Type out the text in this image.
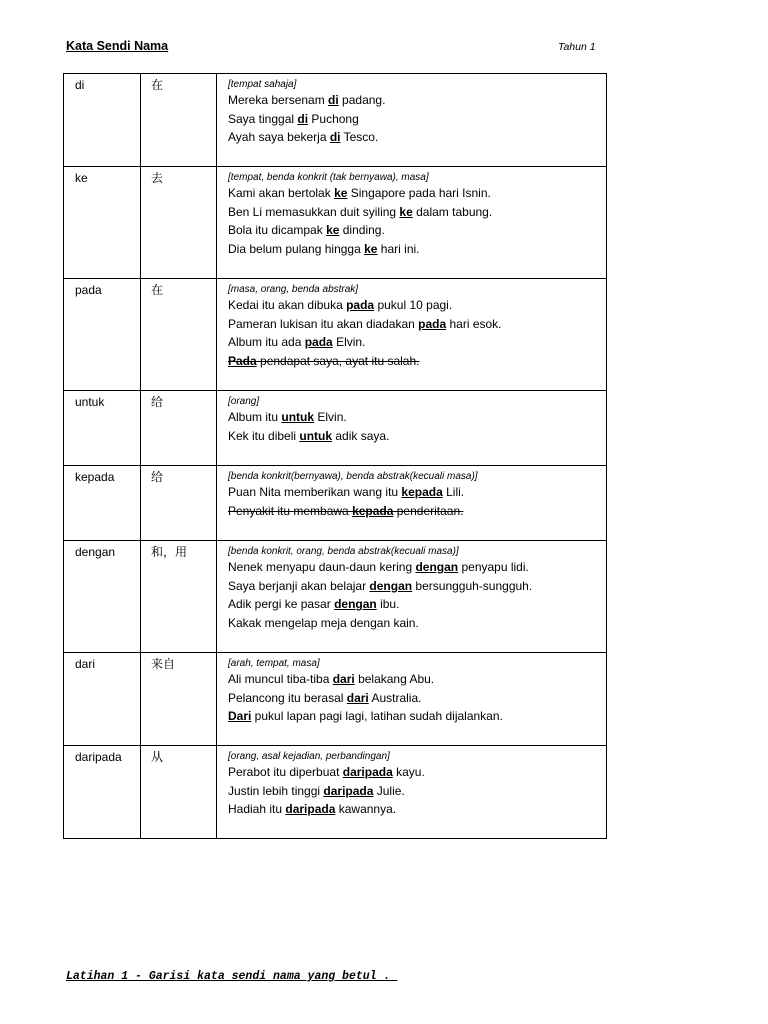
Kata Sendi Nama	Tahun 1
di	在	[tempat sahaja]
Mereka bersenam di padang.
Saya tinggal di Puchong
Ayah saya bekerja di Tesco.

ke	去	[tempat, benda konkrit (tak bernyawa), masa]
Kami akan bertolak ke Singapore pada hari Isnin.
Ben Li memasukkan duit syiling ke dalam tabung.
Bola itu dicampak ke dinding.
Dia belum pulang hingga ke hari ini.

pada	在	[masa, orang, benda abstrak]
Kedai itu akan dibuka pada pukul 10 pagi.
Pameran lukisan itu akan diadakan pada hari esok.
Album itu ada pada Elvin.
Pada pendapat saya, ayat itu salah.

untuk	给	[orang]
Album itu untuk Elvin.
Kek itu dibeli untuk adik saya.

kepada	给	[benda konkrit(bernyawa), benda abstrak(kecuali masa)]
Puan Nita memberikan wang itu kepada Lili.
Penyakit itu membawa kepada penderitaan.

dengan	和，用	[benda konkrit, orang, benda abstrak(kecuali masa)]
Nenek menyapu daun-daun kering dengan penyapu lidi.
Saya berjanji akan belajar dengan bersungguh-sungguh.
Adik pergi ke pasar dengan ibu.
Kakak mengelap meja dengan kain.

dari	来自	[arah, tempat, masa]
Ali muncul tiba-tiba dari belakang Abu.
Pelancong itu berasal dari Australia.
Dari pukul lapan pagi lagi, latihan sudah dijalankan.

daripada	从	[orang, asal kejadian, perbandingan]
Perabot itu diperbuat daripada kayu.
Justin lebih tinggi daripada Julie.
Hadiah itu daripada kawannya.
Latihan 1 - Garisi kata sendi nama yang betul .
